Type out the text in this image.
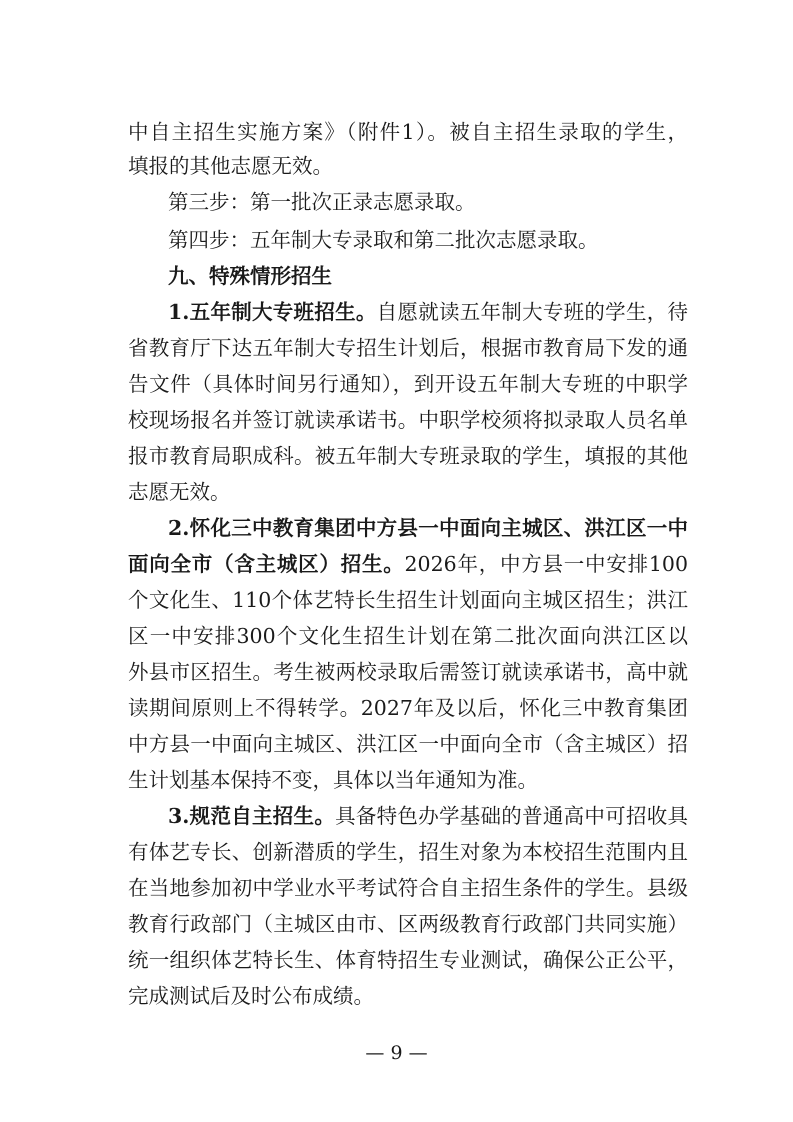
中自主招生实施方案》（附件1）。被自主招生录取的学生，
填报的其他志愿无效。
第三步：第一批次正录志愿录取。
第四步：五年制大专录取和第二批次志愿录取。
九、特殊情形招生
1.五年制大专班招生。自愿就读五年制大专班的学生，待
省教育厅下达五年制大专招生计划后，根据市教育局下发的通
告文件（具体时间另行通知），到开设五年制大专班的中职学
校现场报名并签订就读承诺书。中职学校须将拟录取人员名单
报市教育局职成科。被五年制大专班录取的学生，填报的其他
志愿无效。
2.怀化三中教育集团中方县一中面向主城区、洪江区一中
面向全市（含主城区）招生。2026年，中方县一中安排100
个文化生、110个体艺特长生招生计划面向主城区招生；洪江
区一中安排300个文化生招生计划在第二批次面向洪江区以
外县市区招生。考生被两校录取后需签订就读承诺书，高中就
读期间原则上不得转学。2027年及以后，怀化三中教育集团
中方县一中面向主城区、洪江区一中面向全市（含主城区）招
生计划基本保持不变，具体以当年通知为准。
3.规范自主招生。具备特色办学基础的普通高中可招收具
有体艺专长、创新潜质的学生，招生对象为本校招生范围内且
在当地参加初中学业水平考试符合自主招生条件的学生。县级
教育行政部门（主城区由市、区两级教育行政部门共同实施）
统一组织体艺特长生、体育特招生专业测试，确保公正公平，
完成测试后及时公布成绩。
— 9 —
